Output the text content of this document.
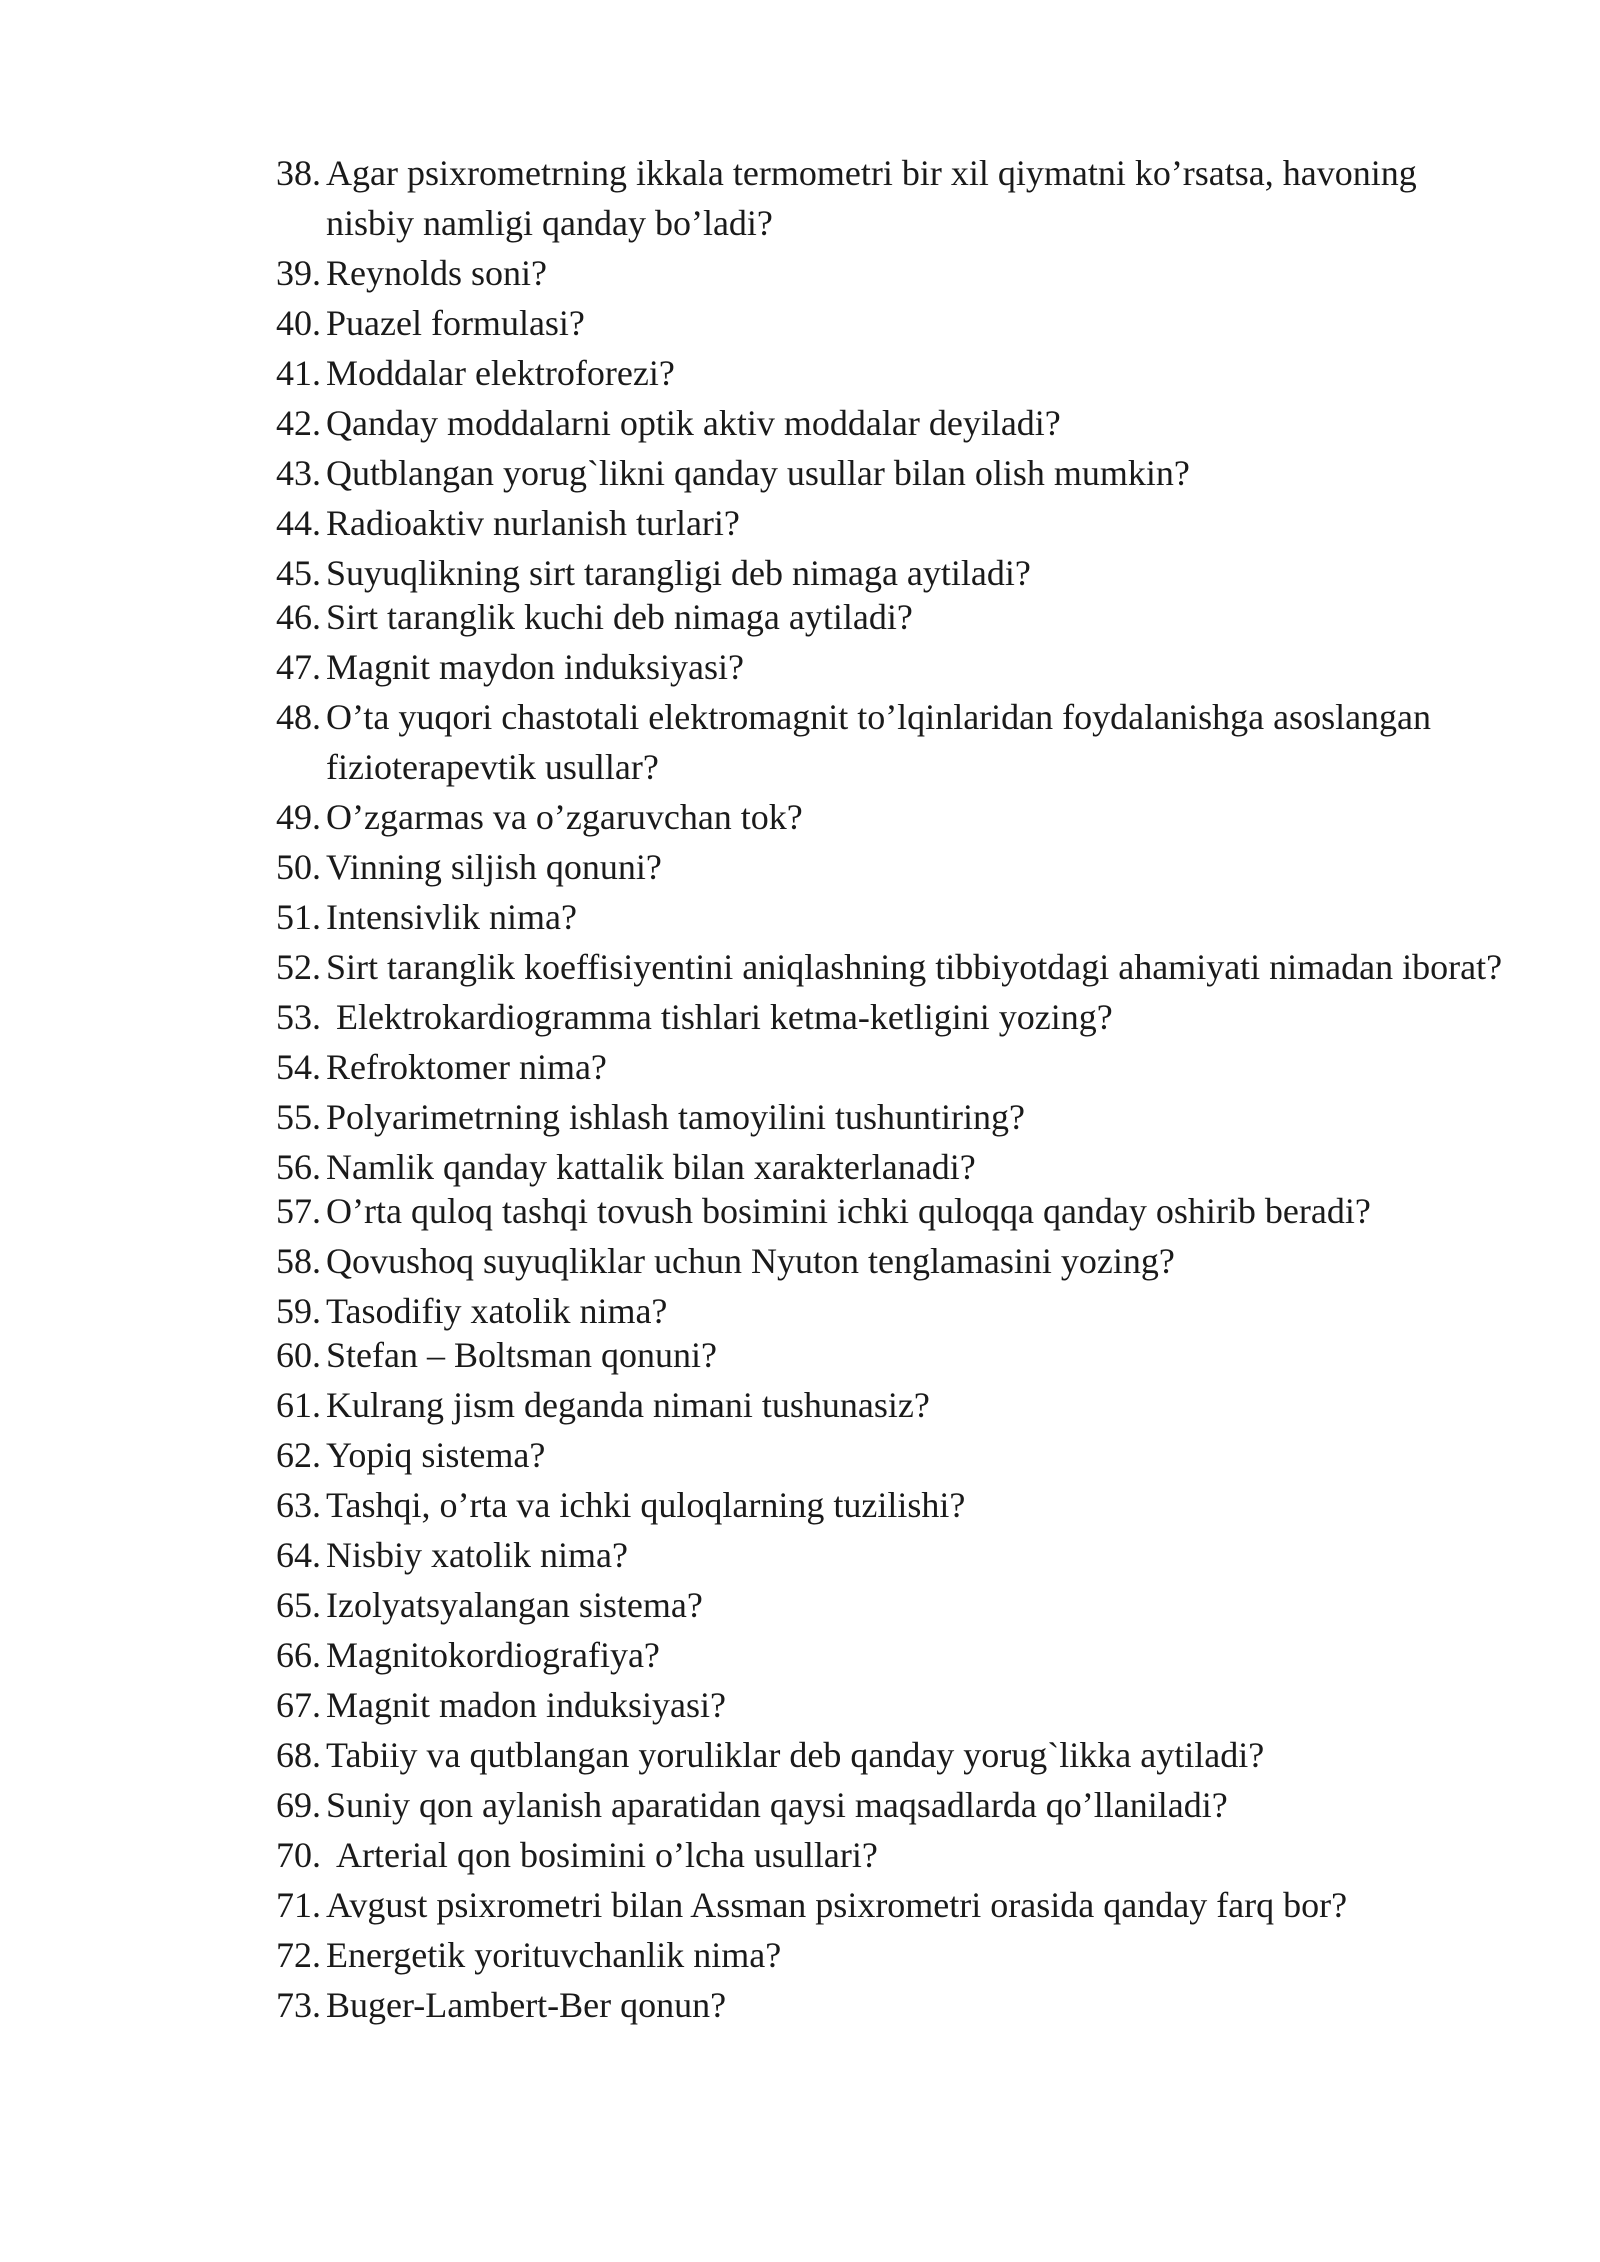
38. Agar psixrometrning ikkala termometri bir xil qiymatni ko’rsatsa, havoning nisbiy namligi qanday bo’ladi?
39. Reynolds soni?
40. Puazel formulasi?
41. Moddalar elektroforezi?
42. Qanday moddalarni optik aktiv moddalar deyiladi?
43. Qutblangan yorug`likni qanday usullar bilan olish mumkin?
44. Radioaktiv nurlanish turlari?
45. Suyuqlikning sirt tarangligi deb nimaga aytiladi?
46. Sirt taranglik kuchi deb nimaga aytiladi?
47. Magnit maydon induksiyasi?
48. O’ta yuqori chastotali elektromagnit to’lqinlaridan foydalanishga asoslangan fizioterapevtik usullar?
49. O’zgarmas va o’zgaruvchan tok?
50. Vinning siljish qonuni?
51. Intensivlik nima?
52. Sirt taranglik koeffisiyentini aniqlashning tibbiyotdagi ahamiyati nimadan iborat?
53. Elektrokardiogramma tishlari ketma-ketligini yozing?
54. Refroktomer nima?
55. Polyarimetrning ishlash tamoyilini tushuntiring?
56. Namlik qanday kattalik bilan xarakterlanadi?
57. O’rta quloq tashqi tovush bosimini ichki quloqqa qanday oshirib beradi?
58. Qovushoq suyuqliklar uchun Nyuton tenglamasini yozing?
59. Tasodifiy xatolik nima?
60. Stefan – Boltsman qonuni?
61. Kulrang jism deganda nimani tushunasiz?
62. Yopiq sistema?
63. Tashqi, o’rta va ichki quloqlarning tuzilishi?
64. Nisbiy xatolik nima?
65. Izolyatsyalangan sistema?
66. Magnitokordiografiya?
67. Magnit madon induksiyasi?
68. Tabiiy va qutblangan yoruliklar deb qanday yorug`likka aytiladi?
69. Suniy qon aylanish aparatidan qaysi maqsadlarda qo’llaniladi?
70. Arterial qon bosimini o’lcha usullari?
71. Avgust psixrometri bilan Assman psixrometri orasida qanday farq bor?
72. Energetik yorituvchanlik nima?
73. Buger-Lambert-Ber qonun?
